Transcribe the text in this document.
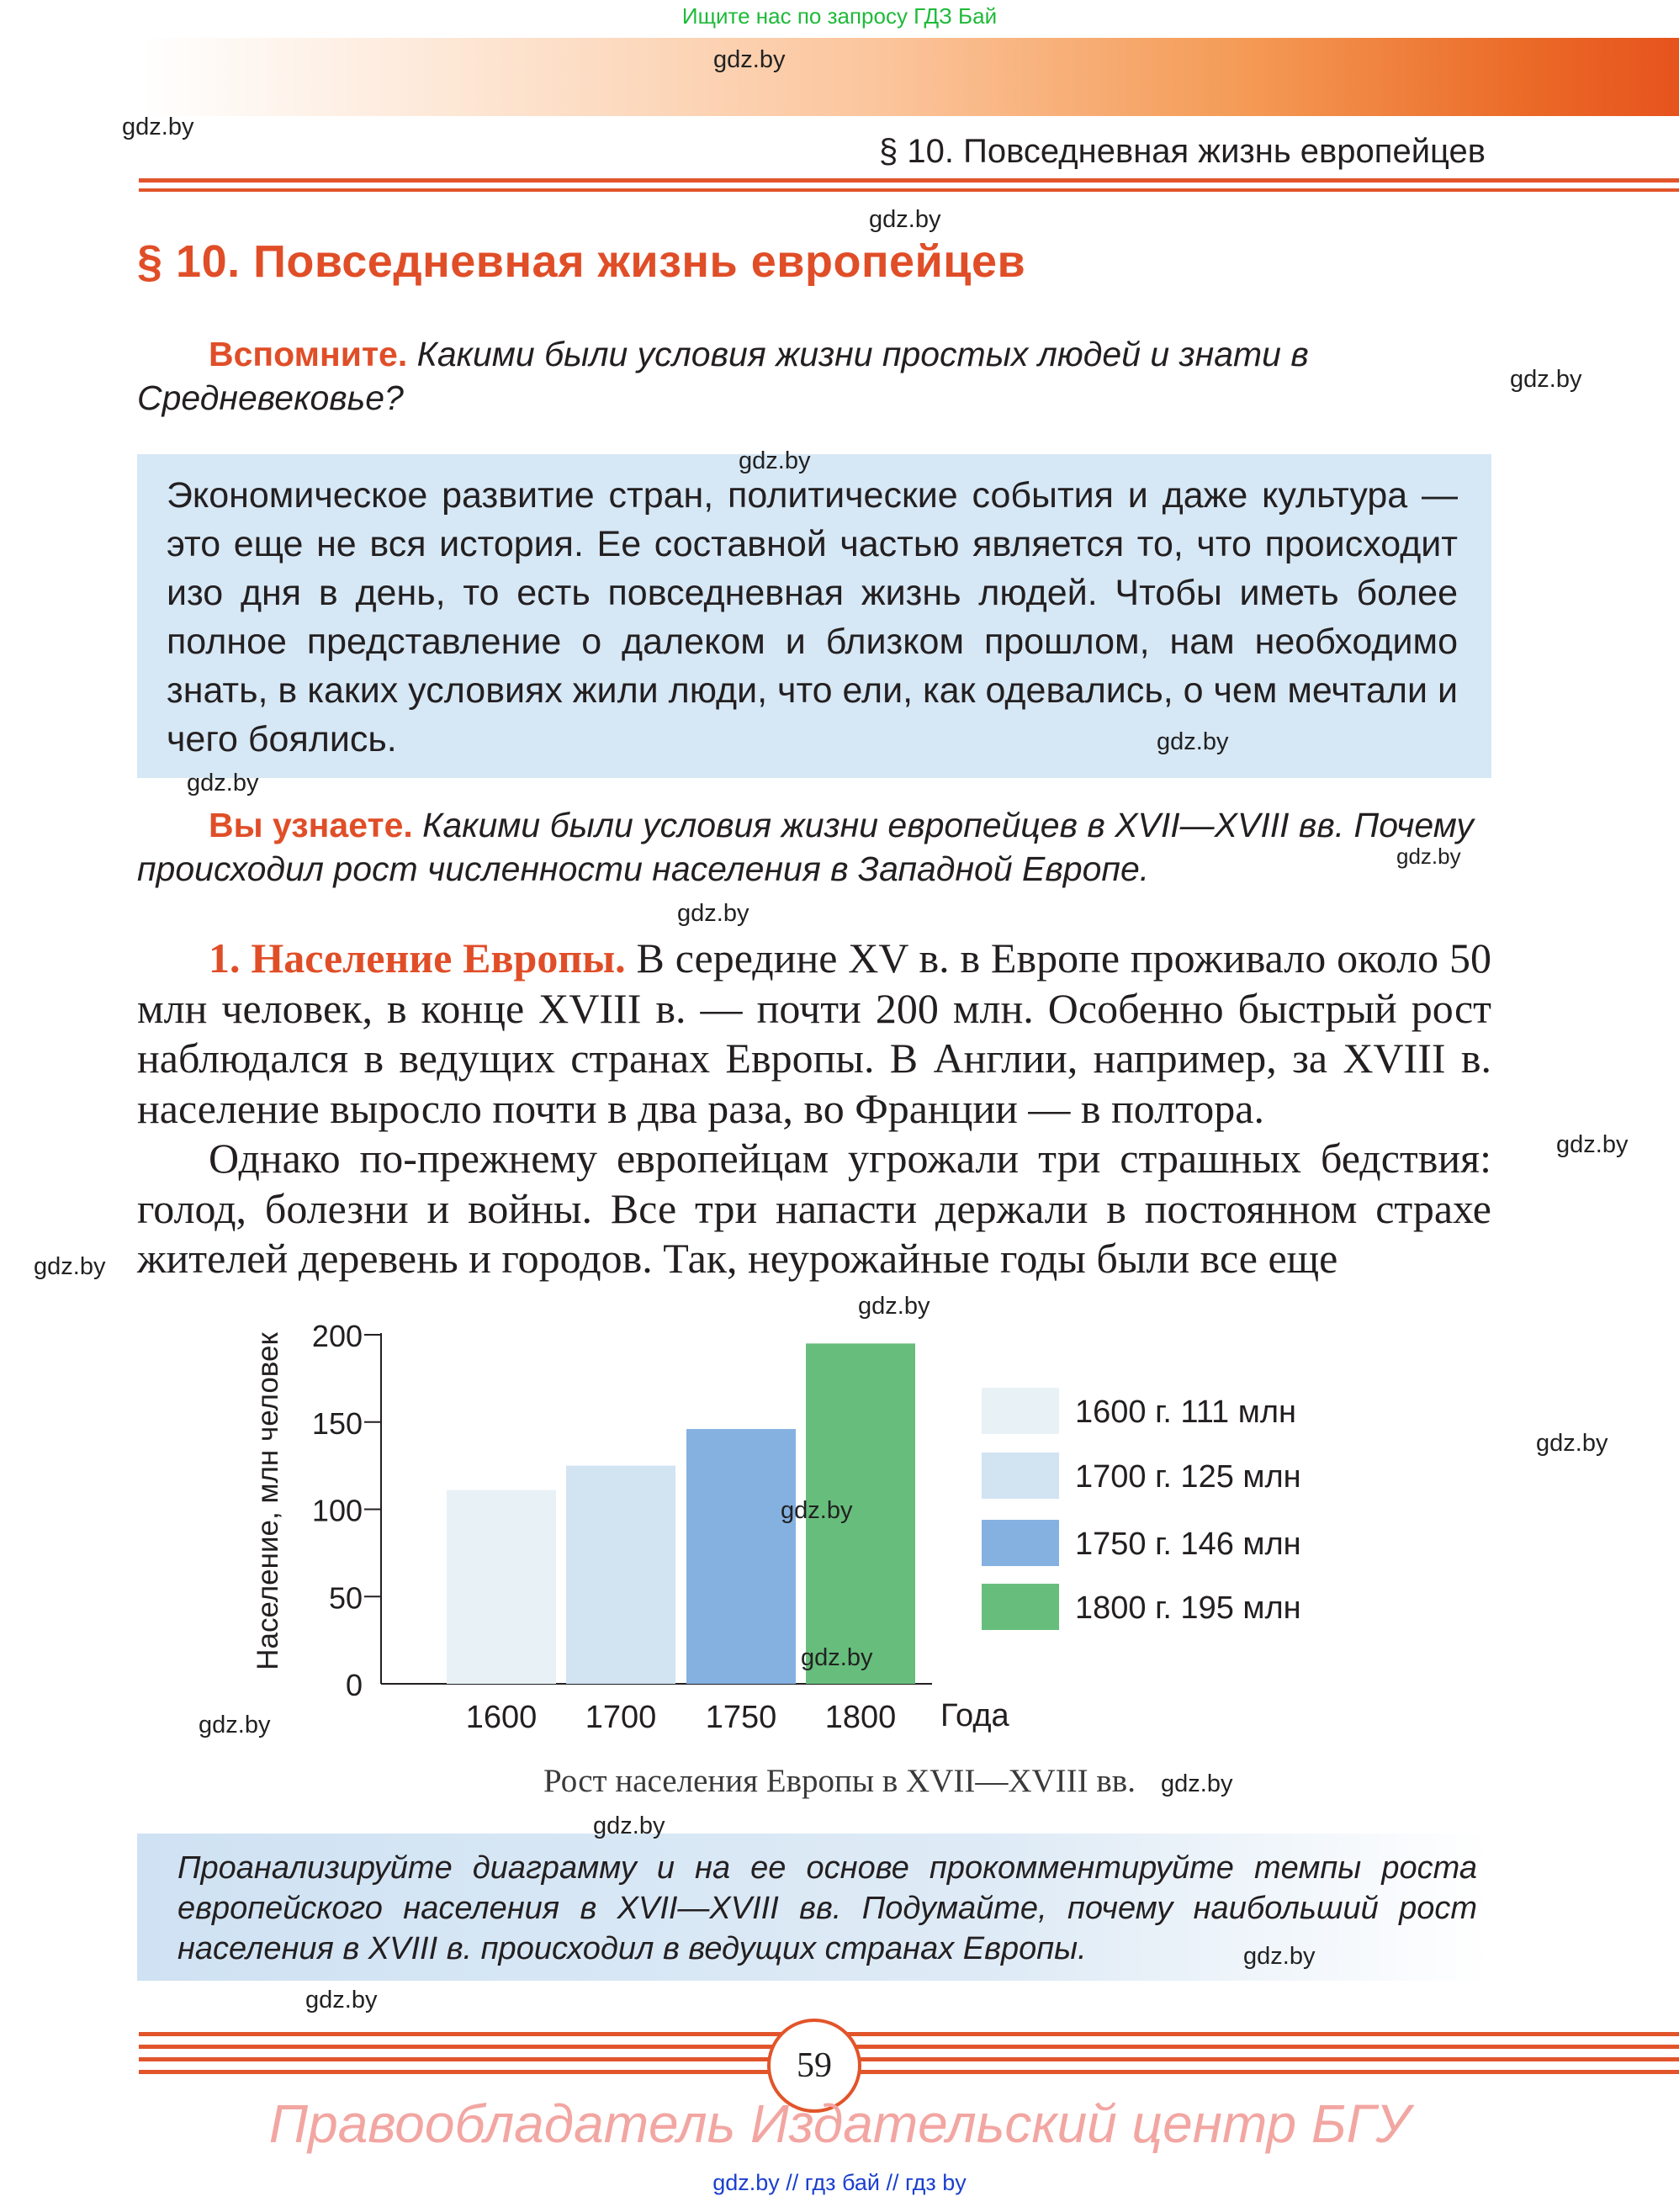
Ищите нас по запросу ГДЗ Бай
§ 10. Повседневная жизнь европейцев
§ 10. Повседневная жизнь европейцев
Вспомните. Какими были условия жизни простых людей и знати в Средневековье?
Экономическое развитие стран, политические события и даже культура — это еще не вся история. Ее составной частью является то, что происходит изо дня в день, то есть повседневная жизнь людей. Чтобы иметь более полное представление о далеком и близком прошлом, нам необходимо знать, в каких условиях жили люди, что ели, как одевались, о чем мечтали и чего боялись.
Вы узнаете. Какими были условия жизни европейцев в XVII—XVIII вв. Почему происходил рост численности населения в Западной Европе.

1. Население Европы. В середине XV в. в Европе проживало около 50 млн человек, в конце XVIII в. — почти 200 млн. Особенно быстрый рост наблюдался в ведущих странах Европы. В Англии, например, за XVIII в. население выросло почти в два раза, во Франции — в полтора.

Однако по-прежнему европейцам угрожали три страшных бедствия: голод, болезни и войны. Все три напасти держали в постоянном страхе жителей деревень и городов. Так, неурожайные годы были все еще

0
50
100
150
200
Население, млн человек
1600 1700 1750 1800 Года
1600 г. 111 млн
1700 г. 125 млн
1750 г. 146 млн
1800 г. 195 млн
Рост населения Европы в XVII—XVIII вв.
Проанализируйте диаграмму и на ее основе прокомментируйте темпы роста европейского населения в XVII—XVIII вв. Подумайте, почему наибольший рост населения в XVIII в. происходил в ведущих странах Европы.
59
Правообладатель Издательский центр БГУ
gdz.by // гдз бай // гдз by
gdz.by
gdz.by
gdz.by
gdz.by
gdz.by
gdz.by
gdz.by
gdz.by
gdz.by
gdz.by
gdz.by
gdz.by
gdz.by
gdz.by
gdz.by
gdz.by
gdz.by
gdz.by
gdz.by
gdz.by
